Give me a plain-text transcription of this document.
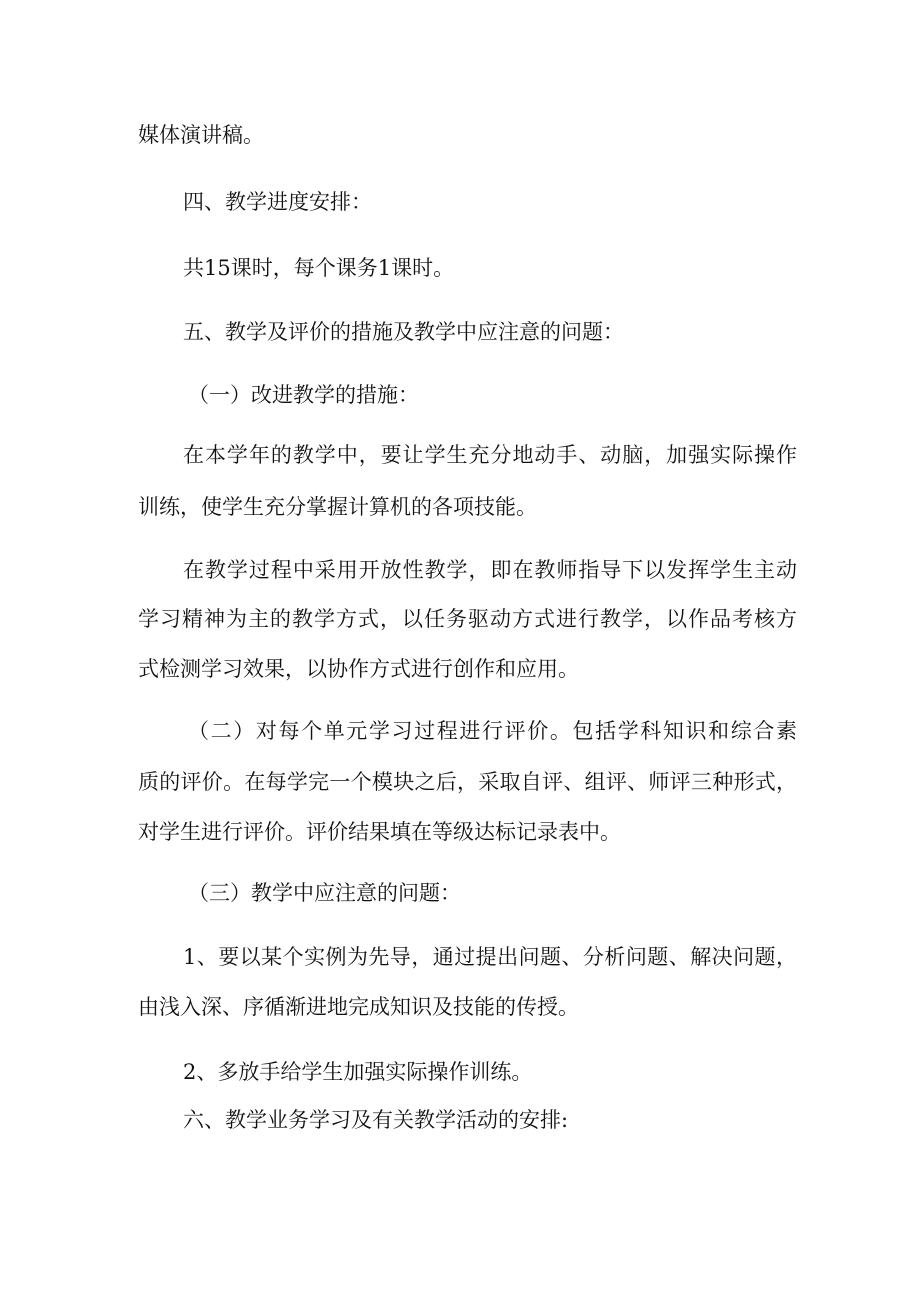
媒体演讲稿。

四、教学进度安排：

共15课时，每个课务1课时。

五、教学及评价的措施及教学中应注意的问题：

（一）改进教学的措施：

在本学年的教学中，要让学生充分地动手、动脑，加强实际操作

训练，使学生充分掌握计算机的各项技能。

在教学过程中采用开放性教学，即在教师指导下以发挥学生主动

学习精神为主的教学方式，以任务驱动方式进行教学，以作品考核方

式检测学习效果，以协作方式进行创作和应用。

（二）对每个单元学习过程进行评价。包括学科知识和综合素

质的评价。在每学完一个模块之后，采取自评、组评、师评三种形式，

对学生进行评价。评价结果填在等级达标记录表中。

（三）教学中应注意的问题：

1、要以某个实例为先导，通过提出问题、分析问题、解决问题，

由浅入深、序循渐进地完成知识及技能的传授。

2、多放手给学生加强实际操作训练。

六、教学业务学习及有关教学活动的安排:
